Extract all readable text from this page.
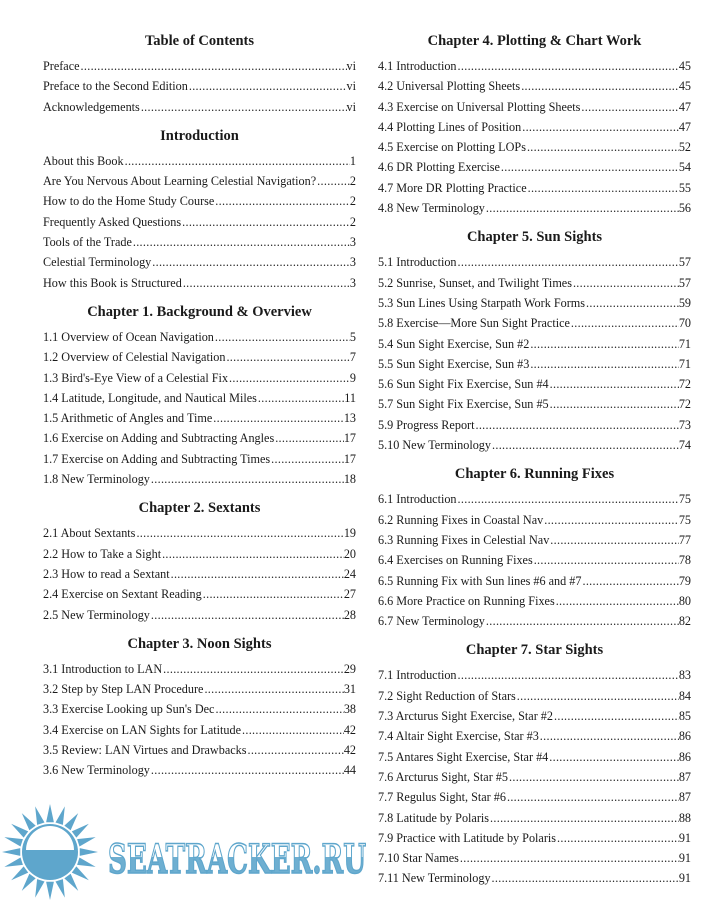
Table of Contents
Preface .....	vi
Preface to the Second Edition .....	vi
Acknowledgements .....	vi
Introduction
About this Book .....	1
Are You Nervous About Learning Celestial Navigation? .....	2
How to do the Home Study Course .....	2
Frequently Asked Questions .....	2
Tools of the Trade .....	3
Celestial Terminology .....	3
How this Book is Structured .....	3
Chapter 1. Background & Overview
1.1 Overview of Ocean Navigation .....	5
1.2 Overview of Celestial Navigation .....	7
1.3 Bird's-Eye View of a Celestial Fix .....	9
1.4 Latitude, Longitude, and Nautical Miles .....	11
1.5 Arithmetic of Angles and Time .....	13
1.6 Exercise on Adding and Subtracting Angles .....	17
1.7 Exercise on Adding and Subtracting Times .....	17
1.8 New Terminology .....	18
Chapter 2. Sextants
2.1 About Sextants .....	19
2.2 How to Take a Sight .....	20
2.3 How to read a Sextant .....	24
2.4 Exercise on Sextant Reading .....	27
2.5 New Terminology .....	28
Chapter 3. Noon Sights
3.1 Introduction to LAN .....	29
3.2 Step by Step LAN Procedure .....	31
3.3 Exercise Looking up Sun's Dec .....	38
3.4 Exercise on LAN Sights for Latitude .....	42
3.5 Review: LAN Virtues and Drawbacks .....	42
3.6 New Terminology .....	44
Chapter 4. Plotting & Chart Work
4.1 Introduction .....	45
4.2 Universal Plotting Sheets .....	45
4.3 Exercise on Universal Plotting Sheets .....	47
4.4 Plotting Lines of Position .....	47
4.5 Exercise on Plotting LOPs .....	52
4.6 DR Plotting Exercise .....	54
4.7 More DR Plotting Practice .....	55
4.8 New Terminology .....	56
Chapter 5. Sun Sights
5.1 Introduction .....	57
5.2 Sunrise, Sunset, and Twilight Times .....	57
5.3 Sun Lines Using Starpath Work Forms .....	59
5.8 Exercise—More Sun Sight Practice .....	70
5.4 Sun Sight Exercise, Sun #2 .....	71
5.5 Sun Sight Exercise, Sun #3 .....	71
5.6 Sun Sight Fix Exercise, Sun #4 .....	72
5.7 Sun Sight Fix Exercise, Sun #5 .....	72
5.9 Progress Report .....	73
5.10 New Terminology .....	74
Chapter 6. Running Fixes
6.1 Introduction .....	75
6.2 Running Fixes in Coastal Nav .....	75
6.3 Running Fixes in Celestial Nav .....	77
6.4 Exercises on Running Fixes .....	78
6.5 Running Fix with Sun lines #6 and #7 .....	79
6.6 More Practice on Running Fixes .....	80
6.7 New Terminology .....	82
Chapter 7. Star Sights
7.1 Introduction .....	83
7.2 Sight Reduction of Stars .....	84
7.3 Arcturus Sight Exercise, Star #2 .....	85
7.4 Altair Sight Exercise, Star #3 .....	86
7.5 Antares Sight Exercise, Star #4 .....	86
7.6 Arcturus Sight, Star #5 .....	87
7.7 Regulus Sight, Star #6 .....	87
7.8 Latitude by Polaris .....	88
7.9 Practice with Latitude by Polaris .....	91
7.10 Star Names .....	91
7.11 New Terminology .....	91
SEATRACKER.RU
